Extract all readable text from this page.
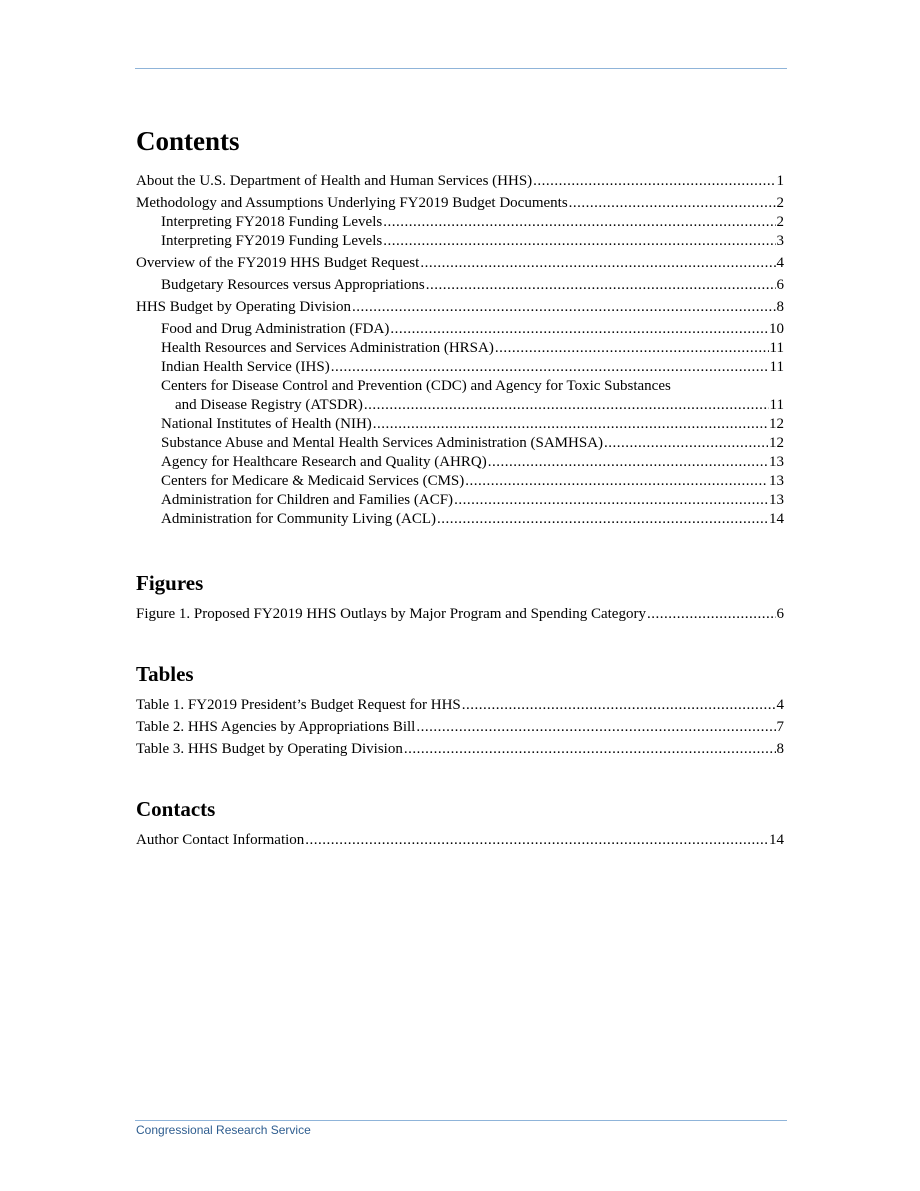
Contents
About the U.S. Department of Health and Human Services (HHS) .....	1
Methodology and Assumptions Underlying FY2019 Budget Documents .....	2
Interpreting FY2018 Funding Levels .....	2
Interpreting FY2019 Funding Levels .....	3
Overview of the FY2019 HHS Budget Request .....	4
Budgetary Resources versus Appropriations .....	6
HHS Budget by Operating Division .....	8
Food and Drug Administration (FDA) .....	10
Health Resources and Services Administration (HRSA) .....	11
Indian Health Service (IHS) .....	11
Centers for Disease Control and Prevention (CDC) and Agency for Toxic Substances
and Disease Registry (ATSDR) .....	11
National Institutes of Health (NIH) .....	12
Substance Abuse and Mental Health Services Administration (SAMHSA) .....	12
Agency for Healthcare Research and Quality (AHRQ) .....	13
Centers for Medicare & Medicaid Services (CMS) .....	13
Administration for Children and Families (ACF) .....	13
Administration for Community Living (ACL) .....	14
Figures
Figure 1. Proposed FY2019 HHS Outlays by Major Program and Spending Category .....	6
Tables
Table 1. FY2019 President’s Budget Request for HHS .....	4
Table 2. HHS Agencies by Appropriations Bill .....	7
Table 3. HHS Budget by Operating Division .....	8
Contacts
Author Contact Information .....	14
Congressional Research Service
